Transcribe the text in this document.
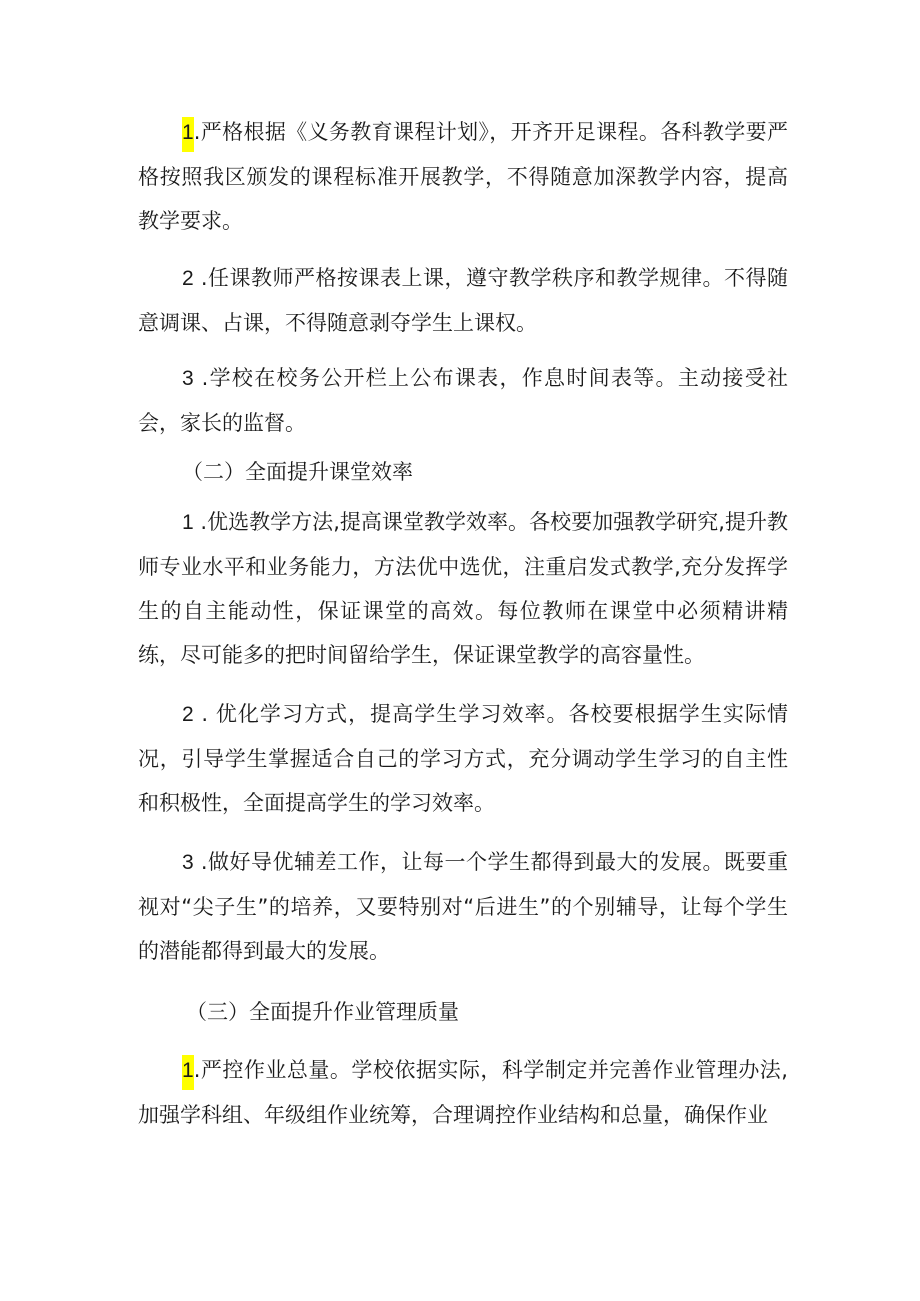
1.严格根据《义务教育课程计划》，开齐开足课程。各科教学要严格按照我区颁发的课程标准开展教学，不得随意加深教学内容，提高教学要求。

2 .任课教师严格按课表上课，遵守教学秩序和教学规律。不得随意调课、占课，不得随意剥夺学生上课权。

3 .学校在校务公开栏上公布课表，作息时间表等。主动接受社会，家长的监督。

（二）全面提升课堂效率

1 .优选教学方法,提高课堂教学效率。各校要加强教学研究,提升教师专业水平和业务能力，方法优中选优，注重启发式教学,充分发挥学生的自主能动性，保证课堂的高效。每位教师在课堂中必须精讲精练，尽可能多的把时间留给学生，保证课堂教学的高容量性。

2 . 优化学习方式，提高学生学习效率。各校要根据学生实际情况，引导学生掌握适合自己的学习方式，充分调动学生学习的自主性和积极性，全面提高学生的学习效率。

3 .做好导优辅差工作，让每一个学生都得到最大的发展。既要重视对“尖子生”的培养，又要特别对“后进生”的个别辅导，让每个学生的潜能都得到最大的发展。

（三）全面提升作业管理质量

1.严控作业总量。学校依据实际，科学制定并完善作业管理办法,加强学科组、年级组作业统筹，合理调控作业结构和总量，确保作业
